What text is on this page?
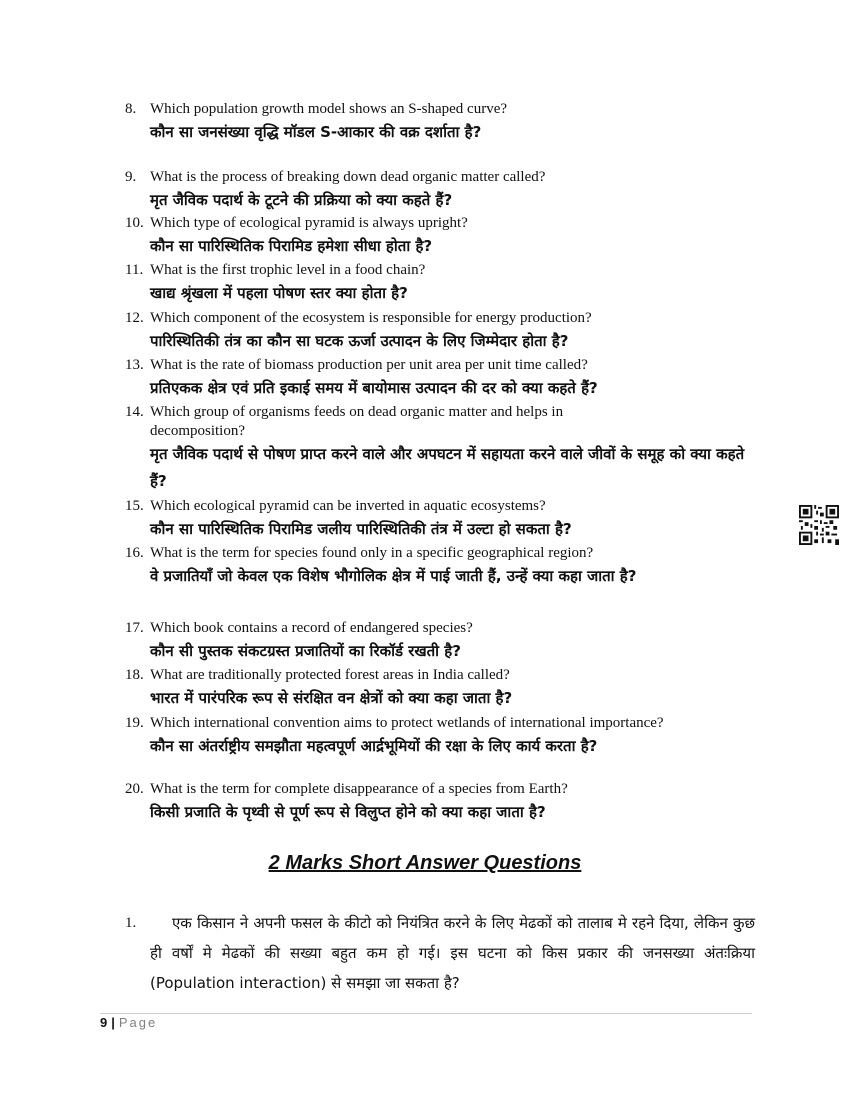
8. Which population growth model shows an S-shaped curve?
कौन सा जनसंख्या वृद्धि मॉडल S-आकार की वक्र दर्शाता है?
9. What is the process of breaking down dead organic matter called?
मृत जैविक पदार्थ के टूटने की प्रक्रिया को क्या कहते हैं?
10. Which type of ecological pyramid is always upright?
कौन सा पारिस्थितिक पिरामिड हमेशा सीधा होता है?
11. What is the first trophic level in a food chain?
खाद्य श्रृंखला में पहला पोषण स्तर क्या होता है?
12. Which component of the ecosystem is responsible for energy production?
पारिस्थितिकी तंत्र का कौन सा घटक ऊर्जा उत्पादन के लिए जिम्मेदार होता है?
13. What is the rate of biomass production per unit area per unit time called?
प्रतिएकक क्षेत्र एवं प्रति इकाई समय में बायोमास उत्पादन की दर को क्या कहते हैं?
14. Which group of organisms feeds on dead organic matter and helps in decomposition?
मृत जैविक पदार्थ से पोषण प्राप्त करने वाले और अपघटन में सहायता करने वाले जीवों के समूह को क्या कहते हैं?
15. Which ecological pyramid can be inverted in aquatic ecosystems?
कौन सा पारिस्थितिक पिरामिड जलीय पारिस्थितिकी तंत्र में उल्टा हो सकता है?
16. What is the term for species found only in a specific geographical region?
वे प्रजातियाँ जो केवल एक विशेष भौगोलिक क्षेत्र में पाई जाती हैं, उन्हें क्या कहा जाता है?
17. Which book contains a record of endangered species?
कौन सी पुस्तक संकटग्रस्त प्रजातियों का रिकॉर्ड रखती है?
18. What are traditionally protected forest areas in India called?
भारत में पारंपरिक रूप से संरक्षित वन क्षेत्रों को क्या कहा जाता है?
19. Which international convention aims to protect wetlands of international importance?
कौन सा अंतर्राष्ट्रीय समझौता महत्वपूर्ण आर्द्रभूमियों की रक्षा के लिए कार्य करता है?
20. What is the term for complete disappearance of a species from Earth?
किसी प्रजाति के पृथ्वी से पूर्ण रूप से विलुप्त होने को क्या कहा जाता है?
2 Marks Short Answer Questions
1.	एक किसान ने अपनी फसल के कीटो को नियंत्रित करने के लिए मेढकों को तालाब मे रहने दिया, लेकिन कुछ ही वर्षों मे मेढकों की सख्या बहुत कम हो गई। इस घटना को किस प्रकार की जनसख्या अंतःक्रिया (Population interaction) से समझा जा सकता है?
9 | Page
